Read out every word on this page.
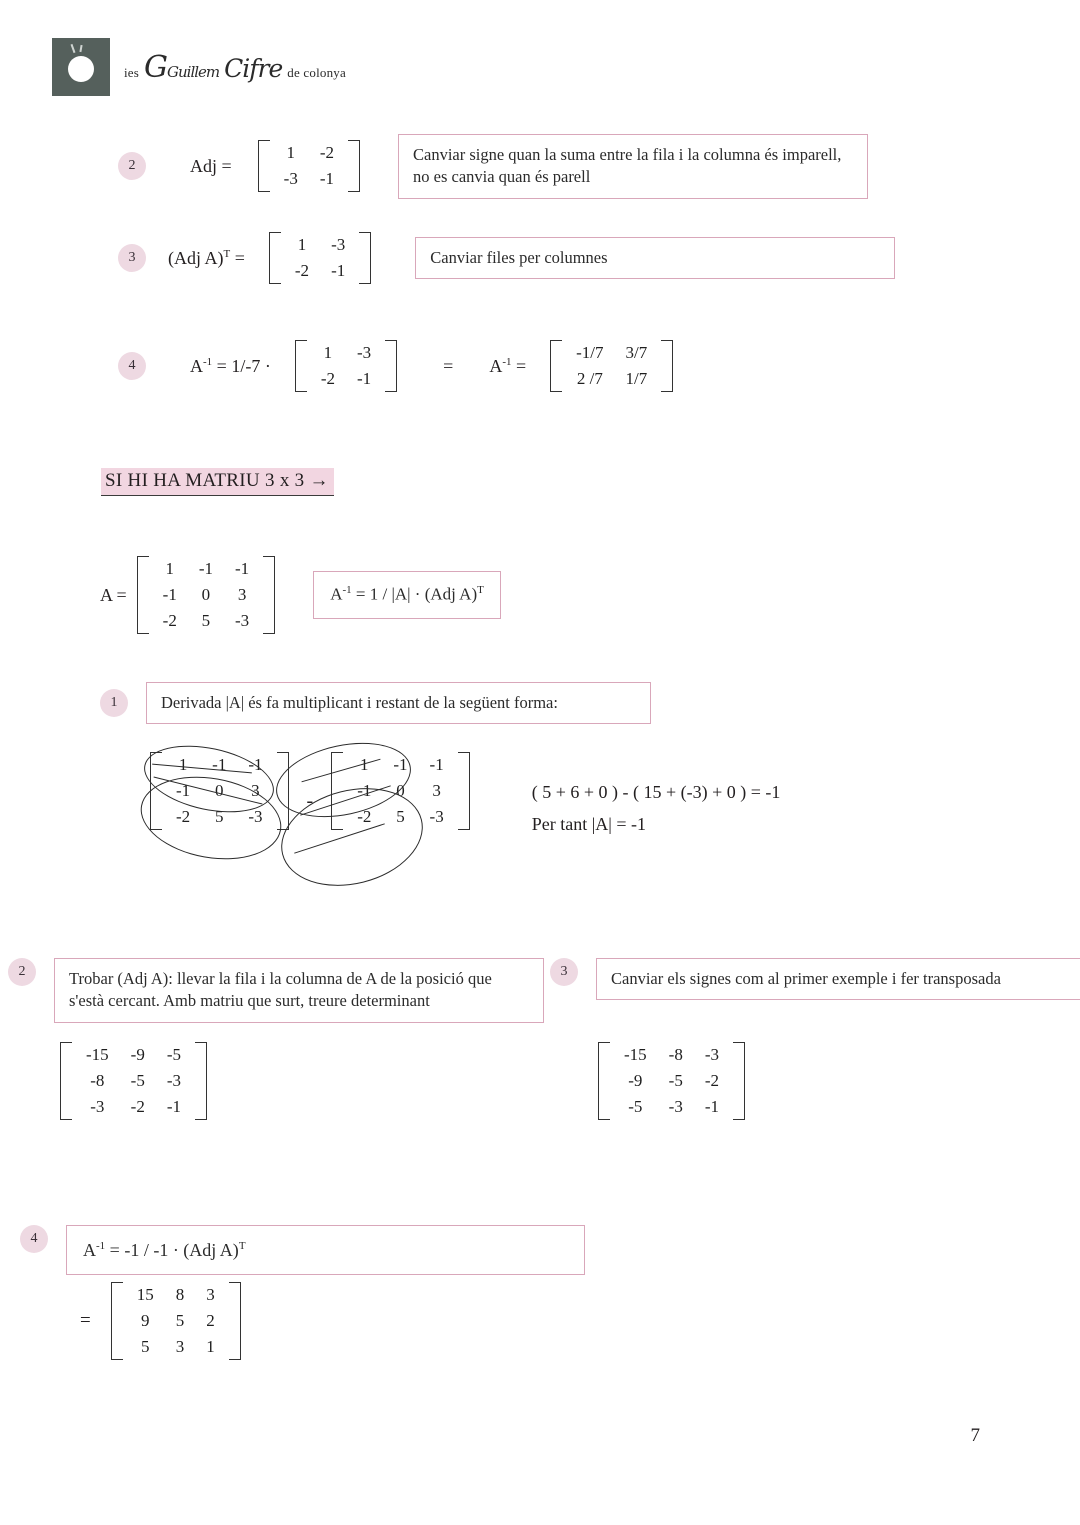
ies GGuillem Cifre de colonya
2	Adj =
1	-2
-3	-1
Canviar signe quan la suma entre la fila i la columna és imparell, no es canvia quan és parell
3	(Adj A)$^T$ =
1	-3
-2	-1
Canviar files per columnes
4	$A^{-1} = 1/-7$ ·
1	-3
-2	-1
= $A^{-1}$ =
-1/7	3/7
2 /7	1/7
SI HI HA MATRIU 3 x 3 →
A =
1	-1	-1
-1	0	3
-2	5	-3
$A^{-1} = 1 / |A| \cdot (Adj$ A)$^T$
1	Derivada |A| és fa multiplicant i restant de la següent forma:
1	-1	-1
-1	0	3
-2	5	-3
-
1	-1	-1
-1	0	3
-2	5	-3
( 5 + 6 + 0 ) - ( 15 + (-3) + 0 ) = -1
Per tant |A| = -1
2	Trobar (Adj A): llevar la fila i la columna de A de la posició que s'està cercant. Amb matriu que surt, treure determinant
-15	-9	-5
-8	-5	-3
-3	-2	-1
3	Canviar els signes com al primer exemple i fer transposada
-15	-8	-3
-9	-5	-2
-5	-3	-1
4
$A^{-1} = -1 / -1 \cdot (Adj$ A)$^T$
=
15	8	3
9	5	2
5	3	1
7
